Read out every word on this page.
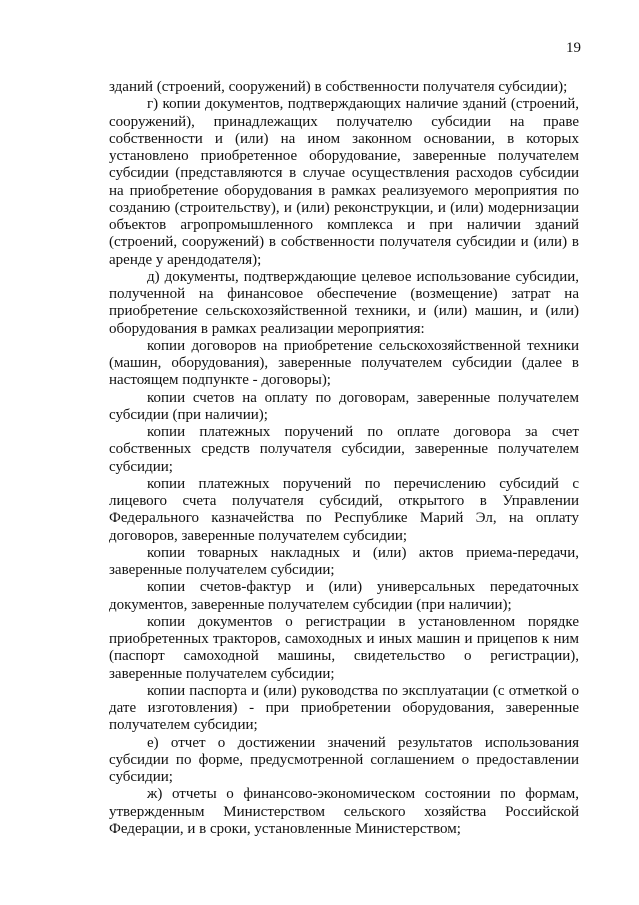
19

зданий (строений, сооружений) в собственности получателя субсидии);

г) копии документов, подтверждающих наличие зданий (строений, сооружений), принадлежащих получателю субсидии на праве собственности и (или) на ином законном основании, в которых установлено приобретенное оборудование, заверенные получателем субсидии (представляются в случае осуществления расходов субсидии на приобретение оборудования в рамках реализуемого мероприятия по созданию (строительству), и (или) реконструкции, и (или) модернизации объектов агропромышленного комплекса и при наличии зданий (строений, сооружений) в собственности получателя субсидии и (или) в аренде у арендодателя);

д) документы, подтверждающие целевое использование субсидии, полученной на финансовое обеспечение (возмещение) затрат на приобретение сельскохозяйственной техники, и (или) машин, и (или) оборудования в рамках реализации мероприятия:

копии договоров на приобретение сельскохозяйственной техники (машин, оборудования), заверенные получателем субсидии (далее в настоящем подпункте - договоры);

копии счетов на оплату по договорам, заверенные получателем субсидии (при наличии);

копии платежных поручений по оплате договора за счет собственных средств получателя субсидии, заверенные получателем субсидии;

копии платежных поручений по перечислению субсидий с лицевого счета получателя субсидий, открытого в Управлении Федерального казначейства по Республике Марий Эл, на оплату договоров, заверенные получателем субсидии;

копии товарных накладных и (или) актов приема-передачи, заверенные получателем субсидии;

копии счетов-фактур и (или) универсальных передаточных документов, заверенные получателем субсидии (при наличии);

копии документов о регистрации в установленном порядке приобретенных тракторов, самоходных и иных машин и прицепов к ним (паспорт самоходной машины, свидетельство о регистрации), заверенные получателем субсидии;

копии паспорта и (или) руководства по эксплуатации (с отметкой о дате изготовления) - при приобретении оборудования, заверенные получателем субсидии;

е) отчет о достижении значений результатов использования субсидии по форме, предусмотренной соглашением о предоставлении субсидии;

ж) отчеты о финансово-экономическом состоянии по формам, утвержденным Министерством сельского хозяйства Российской Федерации, и в сроки, установленные Министерством;
